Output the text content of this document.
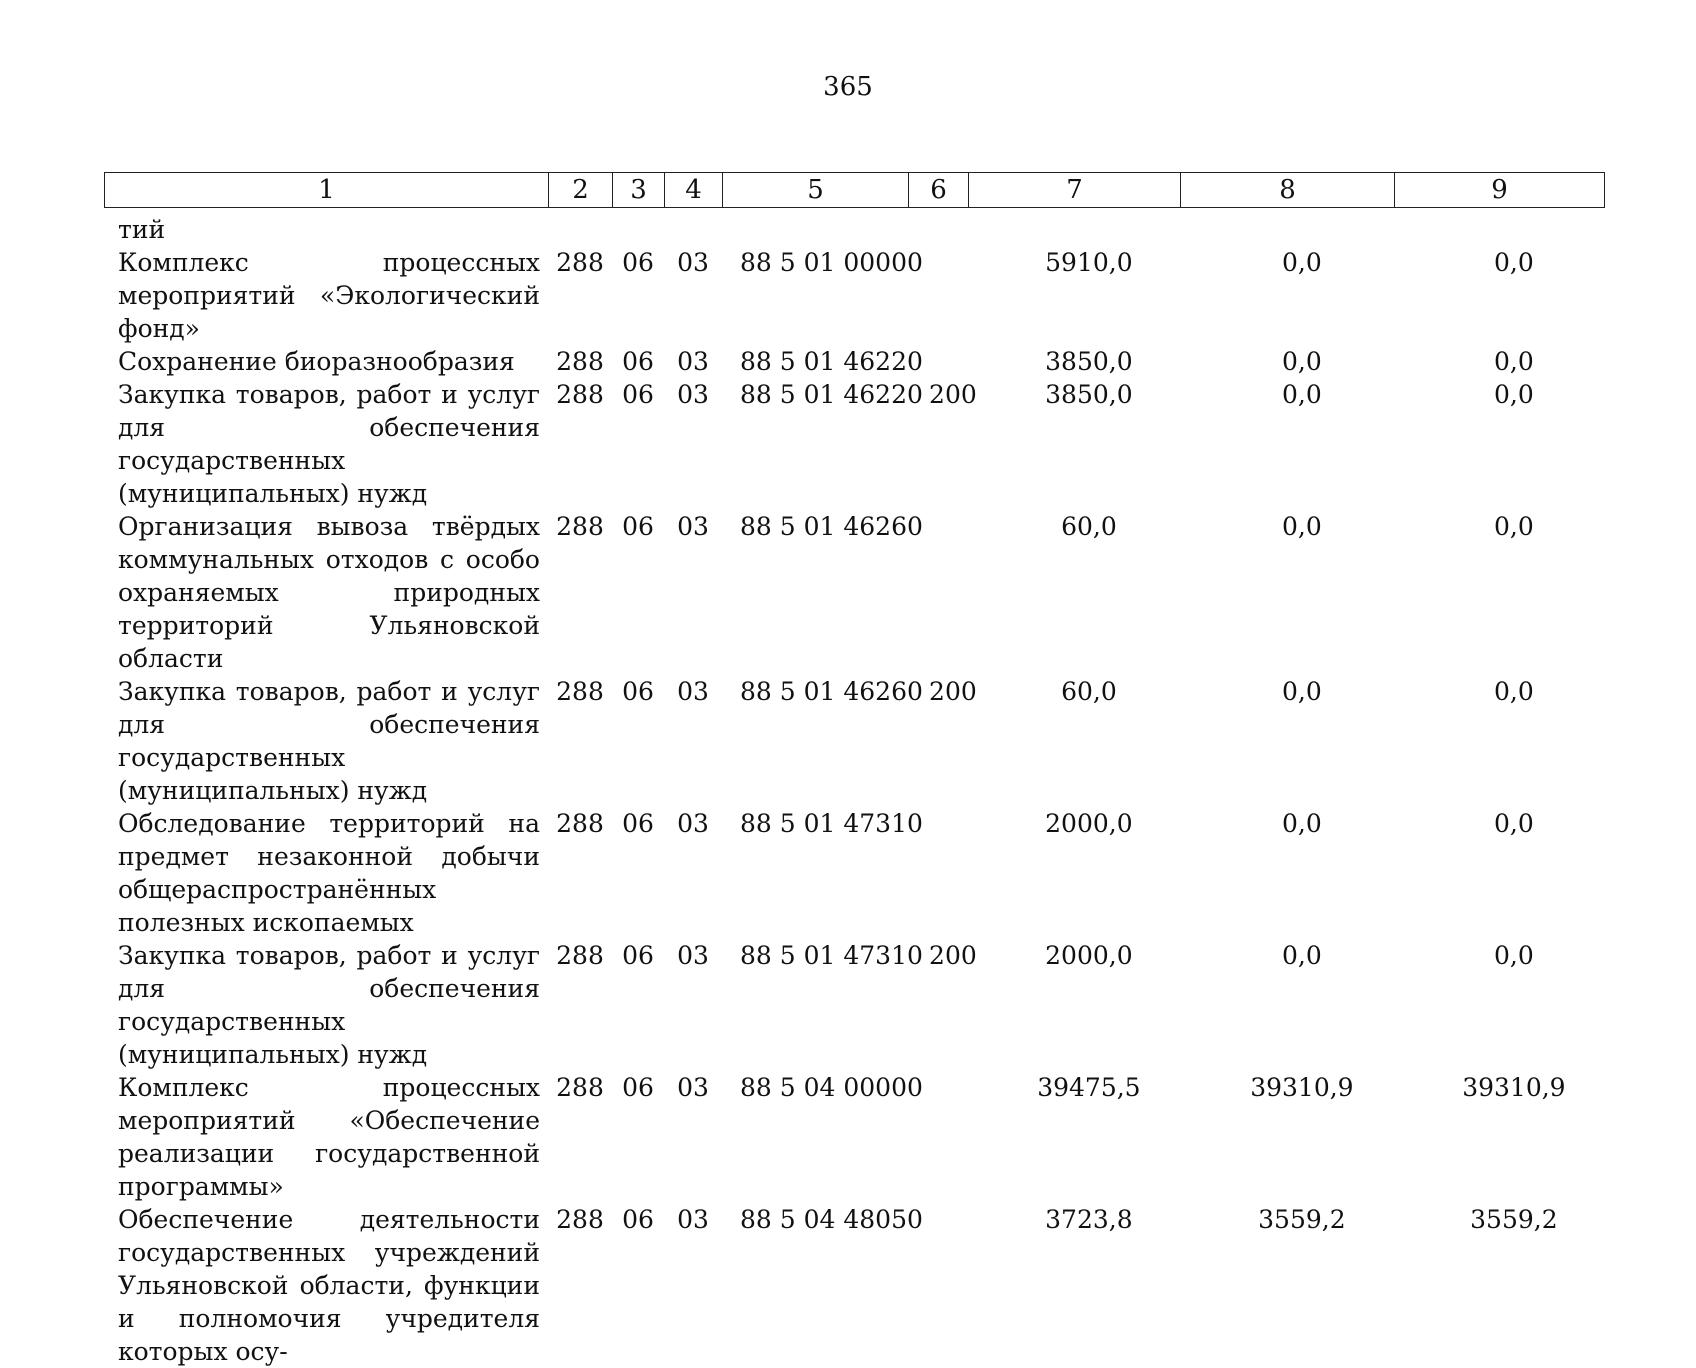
365
1	2	3	4	5	6	7	8	9
тий								
Комплекс процессных мероприятий «Экологический фонд»	288	06	03	88 5 01 00000		5910,0	0,0	0,0
Сохранение биоразнообразия	288	06	03	88 5 01 46220		3850,0	0,0	0,0
Закупка товаров, работ и услуг для обеспечения государственных (муниципальных) нужд	288	06	03	88 5 01 46220	200	3850,0	0,0	0,0
Организация вывоза твёрдых коммунальных отходов с особо охраняемых природных территорий Ульяновской области	288	06	03	88 5 01 46260		60,0	0,0	0,0
Закупка товаров, работ и услуг для обеспечения государственных (муниципальных) нужд	288	06	03	88 5 01 46260	200	60,0	0,0	0,0
Обследование территорий на предмет незаконной добычи общераспространённых полезных ископаемых	288	06	03	88 5 01 47310		2000,0	0,0	0,0
Закупка товаров, работ и услуг для обеспечения государственных (муниципальных) нужд	288	06	03	88 5 01 47310	200	2000,0	0,0	0,0
Комплекс процессных мероприятий «Обеспечение реализации государственной программы»	288	06	03	88 5 04 00000		39475,5	39310,9	39310,9
Обеспечение деятельности государственных учреждений Ульяновской области, функции и полномочия учредителя которых осу-	288	06	03	88 5 04 48050		3723,8	3559,2	3559,2
